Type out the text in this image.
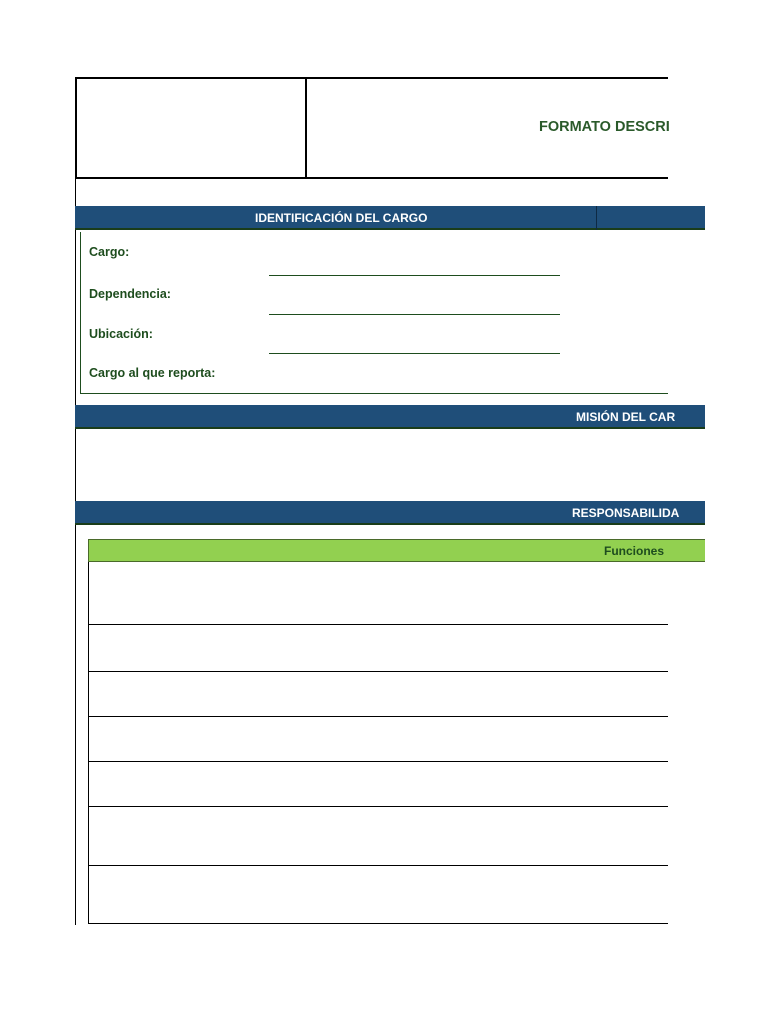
FORMATO DESCRI
IDENTIFICACIÓN DEL CARGO
Cargo:
Dependencia:
Ubicación:
Cargo al que reporta:
MISIÓN DEL CAR
RESPONSABILIDA
Funciones
